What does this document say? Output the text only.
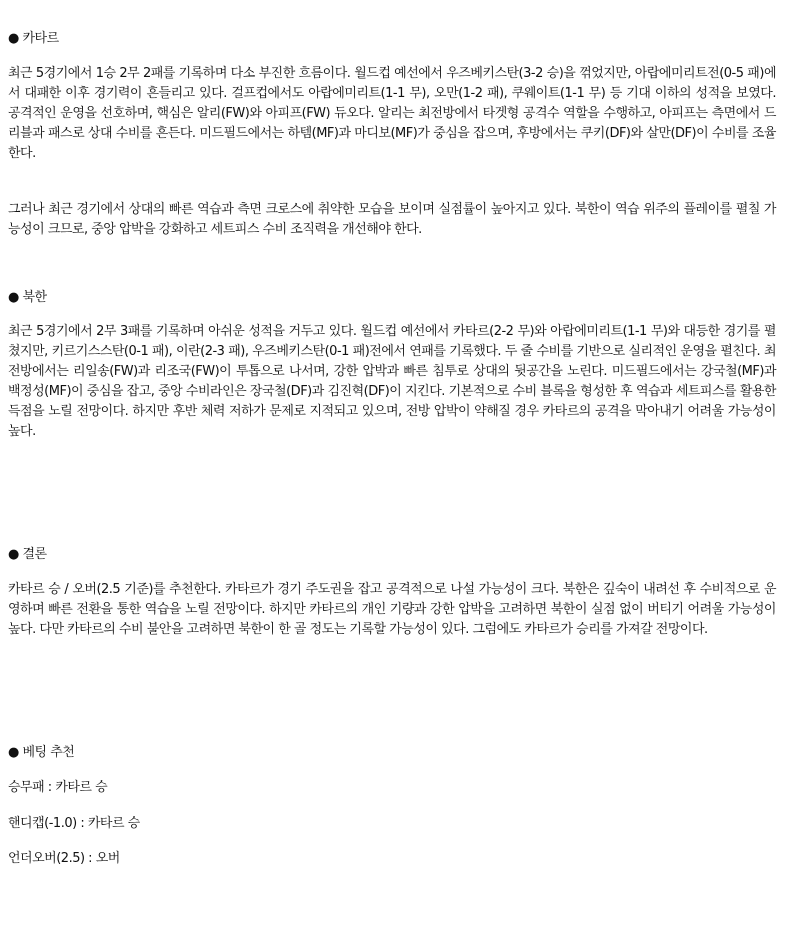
● 카타르

최근 5경기에서 1승 2무 2패를 기록하며 다소 부진한 흐름이다. 월드컵 예선에서 우즈베키스탄(3-2 승)을 꺾었지만, 아랍에미리트전(0-5 패)에서 대패한 이후 경기력이 흔들리고 있다. 걸프컵에서도 아랍에미리트(1-1 무), 오만(1-2 패), 쿠웨이트(1-1 무) 등 기대 이하의 성적을 보였다. 공격적인 운영을 선호하며, 핵심은 알리(FW)와 아피프(FW) 듀오다. 알리는 최전방에서 타겟형 공격수 역할을 수행하고, 아피프는 측면에서 드리블과 패스로 상대 수비를 흔든다. 미드필드에서는 하템(MF)과 마디보(MF)가 중심을 잡으며, 후방에서는 쿠키(DF)와 살만(DF)이 수비를 조율한다.

그러나 최근 경기에서 상대의 빠른 역습과 측면 크로스에 취약한 모습을 보이며 실점률이 높아지고 있다. 북한이 역습 위주의 플레이를 펼칠 가능성이 크므로, 중앙 압박을 강화하고 세트피스 수비 조직력을 개선해야 한다.

● 북한

최근 5경기에서 2무 3패를 기록하며 아쉬운 성적을 거두고 있다. 월드컵 예선에서 카타르(2-2 무)와 아랍에미리트(1-1 무)와 대등한 경기를 펼쳤지만, 키르기스스탄(0-1 패), 이란(2-3 패), 우즈베키스탄(0-1 패)전에서 연패를 기록했다. 두 줄 수비를 기반으로 실리적인 운영을 펼친다. 최전방에서는 리일송(FW)과 리조국(FW)이 투톱으로 나서며, 강한 압박과 빠른 침투로 상대의 뒷공간을 노린다. 미드필드에서는 강국철(MF)과 백정성(MF)이 중심을 잡고, 중앙 수비라인은 장국철(DF)과 김진혁(DF)이 지킨다. 기본적으로 수비 블록을 형성한 후 역습과 세트피스를 활용한 득점을 노릴 전망이다. 하지만 후반 체력 저하가 문제로 지적되고 있으며, 전방 압박이 약해질 경우 카타르의 공격을 막아내기 어려울 가능성이 높다.

● 결론

카타르 승 / 오버(2.5 기준)를 추천한다. 카타르가 경기 주도권을 잡고 공격적으로 나설 가능성이 크다. 북한은 깊숙이 내려선 후 수비적으로 운영하며 빠른 전환을 통한 역습을 노릴 전망이다. 하지만 카타르의 개인 기량과 강한 압박을 고려하면 북한이 실점 없이 버티기 어려울 가능성이 높다. 다만 카타르의 수비 불안을 고려하면 북한이 한 골 정도는 기록할 가능성이 있다. 그럼에도 카타르가 승리를 가져갈 전망이다.

● 베팅 추천

승무패 : 카타르 승

핸디캡(-1.0) : 카타르 승

언더오버(2.5) : 오버
